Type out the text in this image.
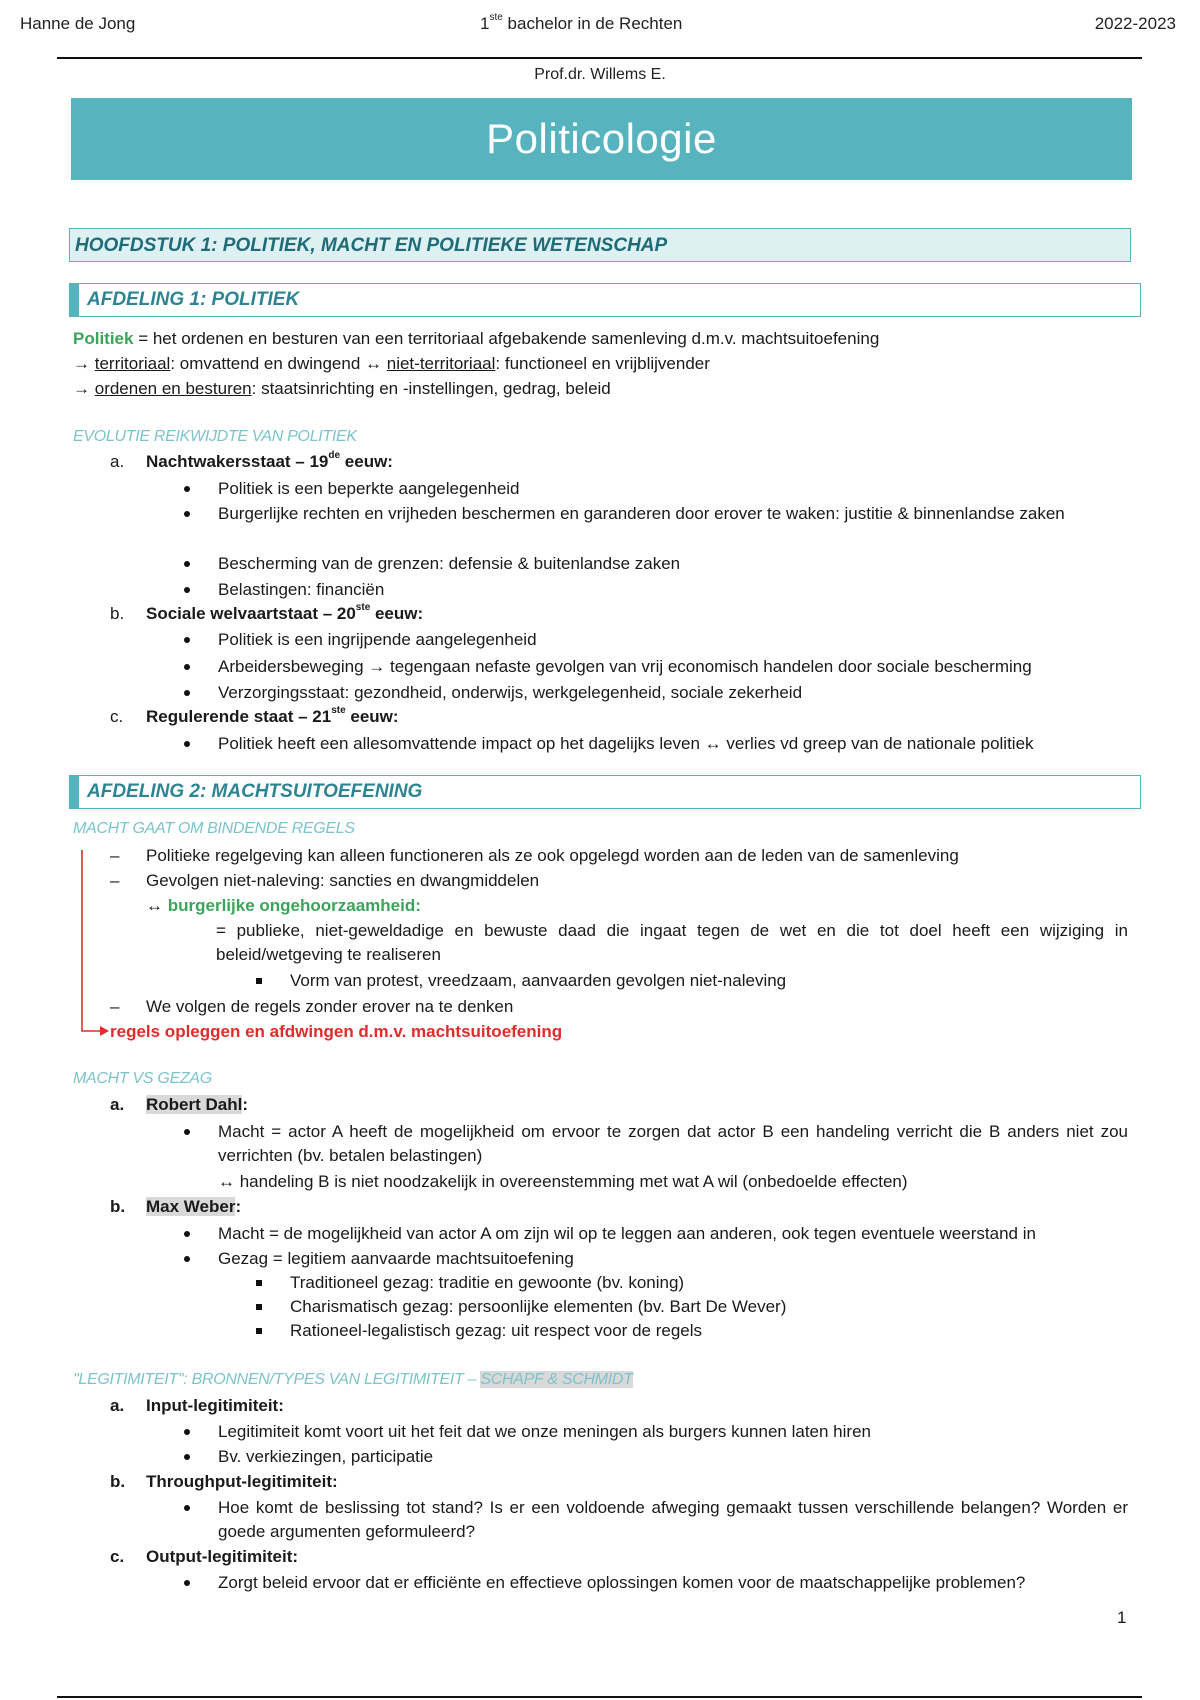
Hanne de Jong	1ste bachelor in de Rechten	2022-2023
Prof.dr. Willems E.
Politicologie
HOOFDSTUK 1: POLITIEK, MACHT EN POLITIEKE WETENSCHAP
AFDELING 1: POLITIEK
Politiek = het ordenen en besturen van een territoriaal afgebakende samenleving d.m.v. machtsuitoefening
→ territoriaal: omvattend en dwingend ↔ niet-territoriaal: functioneel en vrijblijvender
→ ordenen en besturen: staatsinrichting en -instellingen, gedrag, beleid
EVOLUTIE REIKWIJDTE VAN POLITIEK
a. Nachtwakersstaat – 19de eeuw:
Politiek is een beperkte aangelegenheid
Burgerlijke rechten en vrijheden beschermen en garanderen door erover te waken: justitie & binnenlandse zaken
Bescherming van de grenzen: defensie & buitenlandse zaken
Belastingen: financiën
b. Sociale welvaartstaat – 20ste eeuw:
Politiek is een ingrijpende aangelegenheid
Arbeidersbeweging → tegengaan nefaste gevolgen van vrij economisch handelen door sociale bescherming
Verzorgingsstaat: gezondheid, onderwijs, werkgelegenheid, sociale zekerheid
c. Regulerende staat – 21ste eeuw:
Politiek heeft een allesomvattende impact op het dagelijks leven ↔ verlies vd greep van de nationale politiek
AFDELING 2: MACHTSUITOEFENING
MACHT GAAT OM BINDENDE REGELS
– Politieke regelgeving kan alleen functioneren als ze ook opgelegd worden aan de leden van de samenleving
– Gevolgen niet-naleving: sancties en dwangmiddelen
↔ burgerlijke ongehoorzaamheid:
= publieke, niet-geweldadige en bewuste daad die ingaat tegen de wet en die tot doel heeft een wijziging in beleid/wetgeving te realiseren
Vorm van protest, vreedzaam, aanvaarden gevolgen niet-naleving
– We volgen de regels zonder erover na te denken
regels opleggen en afdwingen d.m.v. machtsuitoefening
MACHT VS GEZAG
a. Robert Dahl:
Macht = actor A heeft de mogelijkheid om ervoor te zorgen dat actor B een handeling verricht die B anders niet zou verrichten (bv. betalen belastingen)
↔ handeling B is niet noodzakelijk in overeenstemming met wat A wil (onbedoelde effecten)
b. Max Weber:
Macht = de mogelijkheid van actor A om zijn wil op te leggen aan anderen, ook tegen eventuele weerstand in
Gezag = legitiem aanvaarde machtsuitoefening
Traditioneel gezag: traditie en gewoonte (bv. koning)
Charismatisch gezag: persoonlijke elementen (bv. Bart De Wever)
Rationeel-legalistisch gezag: uit respect voor de regels
"LEGITIMITEIT": BRONNEN/TYPES VAN LEGITIMITEIT – SCHAPF & SCHMIDT
a. Input-legitimiteit:
Legitimiteit komt voort uit het feit dat we onze meningen als burgers kunnen laten hiren
Bv. verkiezingen, participatie
b. Throughput-legitimiteit:
Hoe komt de beslissing tot stand? Is er een voldoende afweging gemaakt tussen verschillende belangen? Worden er goede argumenten geformuleerd?
c. Output-legitimiteit:
Zorgt beleid ervoor dat er efficiënte en effectieve oplossingen komen voor de maatschappelijke problemen?
1
